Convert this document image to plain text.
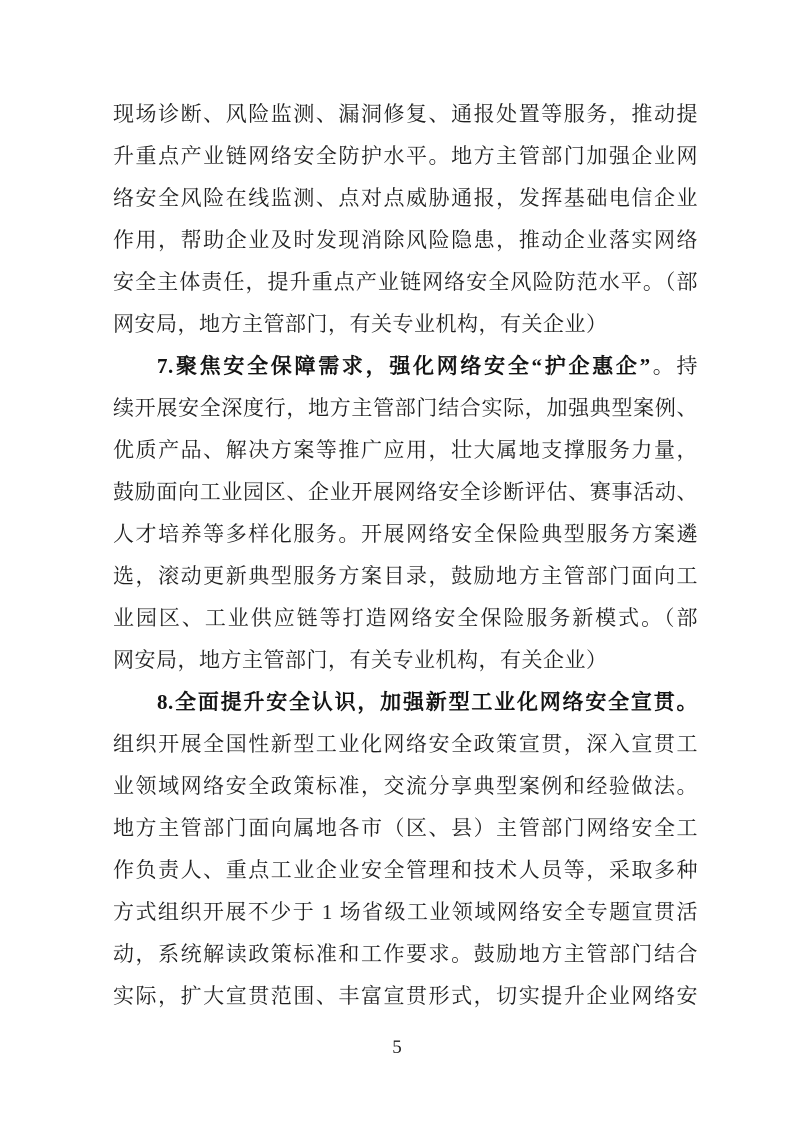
现场诊断、风险监测、漏洞修复、通报处置等服务，推动提
升重点产业链网络安全防护水平。地方主管部门加强企业网
络安全风险在线监测、点对点威胁通报，发挥基础电信企业
作用，帮助企业及时发现消除风险隐患，推动企业落实网络
安全主体责任，提升重点产业链网络安全风险防范水平。（部
网安局，地方主管部门，有关专业机构，有关企业）
7.聚焦安全保障需求，强化网络安全“护企惠企”。持
续开展安全深度行，地方主管部门结合实际，加强典型案例、
优质产品、解决方案等推广应用，壮大属地支撑服务力量，
鼓励面向工业园区、企业开展网络安全诊断评估、赛事活动、
人才培养等多样化服务。开展网络安全保险典型服务方案遴
选，滚动更新典型服务方案目录，鼓励地方主管部门面向工
业园区、工业供应链等打造网络安全保险服务新模式。（部
网安局，地方主管部门，有关专业机构，有关企业）
8.全面提升安全认识，加强新型工业化网络安全宣贯。
组织开展全国性新型工业化网络安全政策宣贯，深入宣贯工
业领域网络安全政策标准，交流分享典型案例和经验做法。
地方主管部门面向属地各市（区、县）主管部门网络安全工
作负责人、重点工业企业安全管理和技术人员等，采取多种
方式组织开展不少于 1 场省级工业领域网络安全专题宣贯活
动，系统解读政策标准和工作要求。鼓励地方主管部门结合
实际，扩大宣贯范围、丰富宣贯形式，切实提升企业网络安
5
